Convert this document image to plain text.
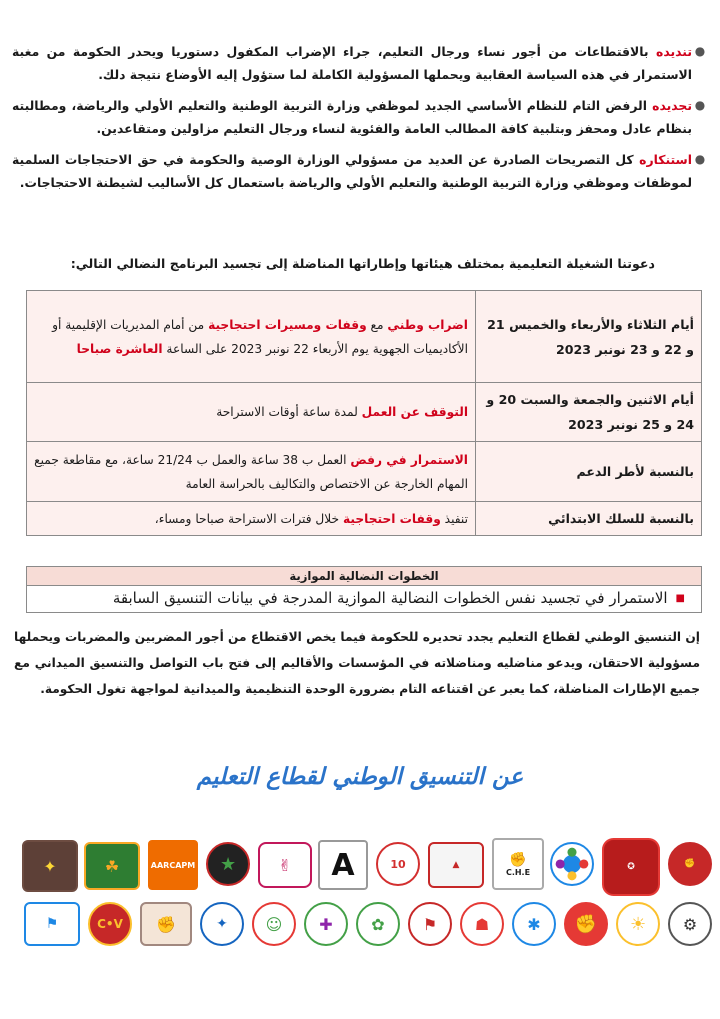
●
تنديده بالاقتطاعات من أجور نساء ورجال التعليم، جراء الإضراب المكفول دستوريا ويحدر الحكومة من مغبة الاستمرار في هذه السياسة العقابية ويحملها المسؤولية الكاملة لما ستؤول إليه الأوضاع نتيجة دلك.
●
تجديده الرفض التام للنظام الأساسي الجديد لموظفي وزارة التربية الوطنية والتعليم الأولي والرياضة، ومطالبته بنظام عادل ومحفز وبتلبية كافة المطالب العامة والفئوية لنساء ورجال التعليم مزاولين ومتقاعدين.
●
استنكاره كل التصريحات الصادرة عن العديد من مسؤولي الوزارة الوصية والحكومة في حق الاحتجاجات السلمية لموظفات وموظفي وزارة التربية الوطنية والتعليم الأولي والرياضة باستعمال كل الأساليب لشيطنة الاحتجاجات.
دعوتنا الشغيلة التعليمية بمختلف هيئاتها وإطاراتها المناضلة إلى تجسيد البرنامج النضالي التالي:
أيام الثلاثاء والأربعاء والخميس 21 و 22 و 23 نونبر 2023	اضراب وطني مع وقفات ومسيرات احتجاجية من أمام المديريات الإقليمية أو الأكاديميات الجهوية يوم الأربعاء 22 نونبر 2023 على الساعة العاشرة صباحا
أيام الاثنين والجمعة والسبت 20 و 24 و 25 نونبر 2023	التوقف عن العمل لمدة ساعة أوقات الاستراحة
بالنسبة لأطر الدعم	الاستمرار في رفض العمل ب 38 ساعة والعمل ب 21/24 ساعة، مع مقاطعة جميع المهام الخارجة عن الاختصاص والتكاليف بالحراسة العامة
بالنسبة للسلك الابتدائي	تنفيذ وقفات احتجاجية خلال فترات الاستراحة صباحا ومساء،
الخطوات النضالية الموازية
■الاستمرار في تجسيد نفس الخطوات النضالية الموازية المدرجة في بيانات التنسيق السابقة
إن التنسيق الوطني لقطاع التعليم يجدد تحديره للحكومة فيما يخص الاقتطاع من أجور المضربين والمضربات ويحملها مسؤولية الاحتقان، ويدعو مناضليه ومناضلاته في المؤسسات والأقاليم إلى فتح باب التواصل والتنسيق الميداني مع جميع الإطارات المناضلة، كما يعبر عن اقتناعه التام بضرورة الوحدة التنظيمية والميدانية لمواجهة تغول الحكومة.
عن التنسيق الوطني لقطاع التعليم
✊
✪
✊
C.H.E
▲
10
A
✌
★
AARCAPM
☘
✦
⚙
☀
✊
✱
☗
⚑
✿
✚
☺
✦
✊
C•V
⚑
